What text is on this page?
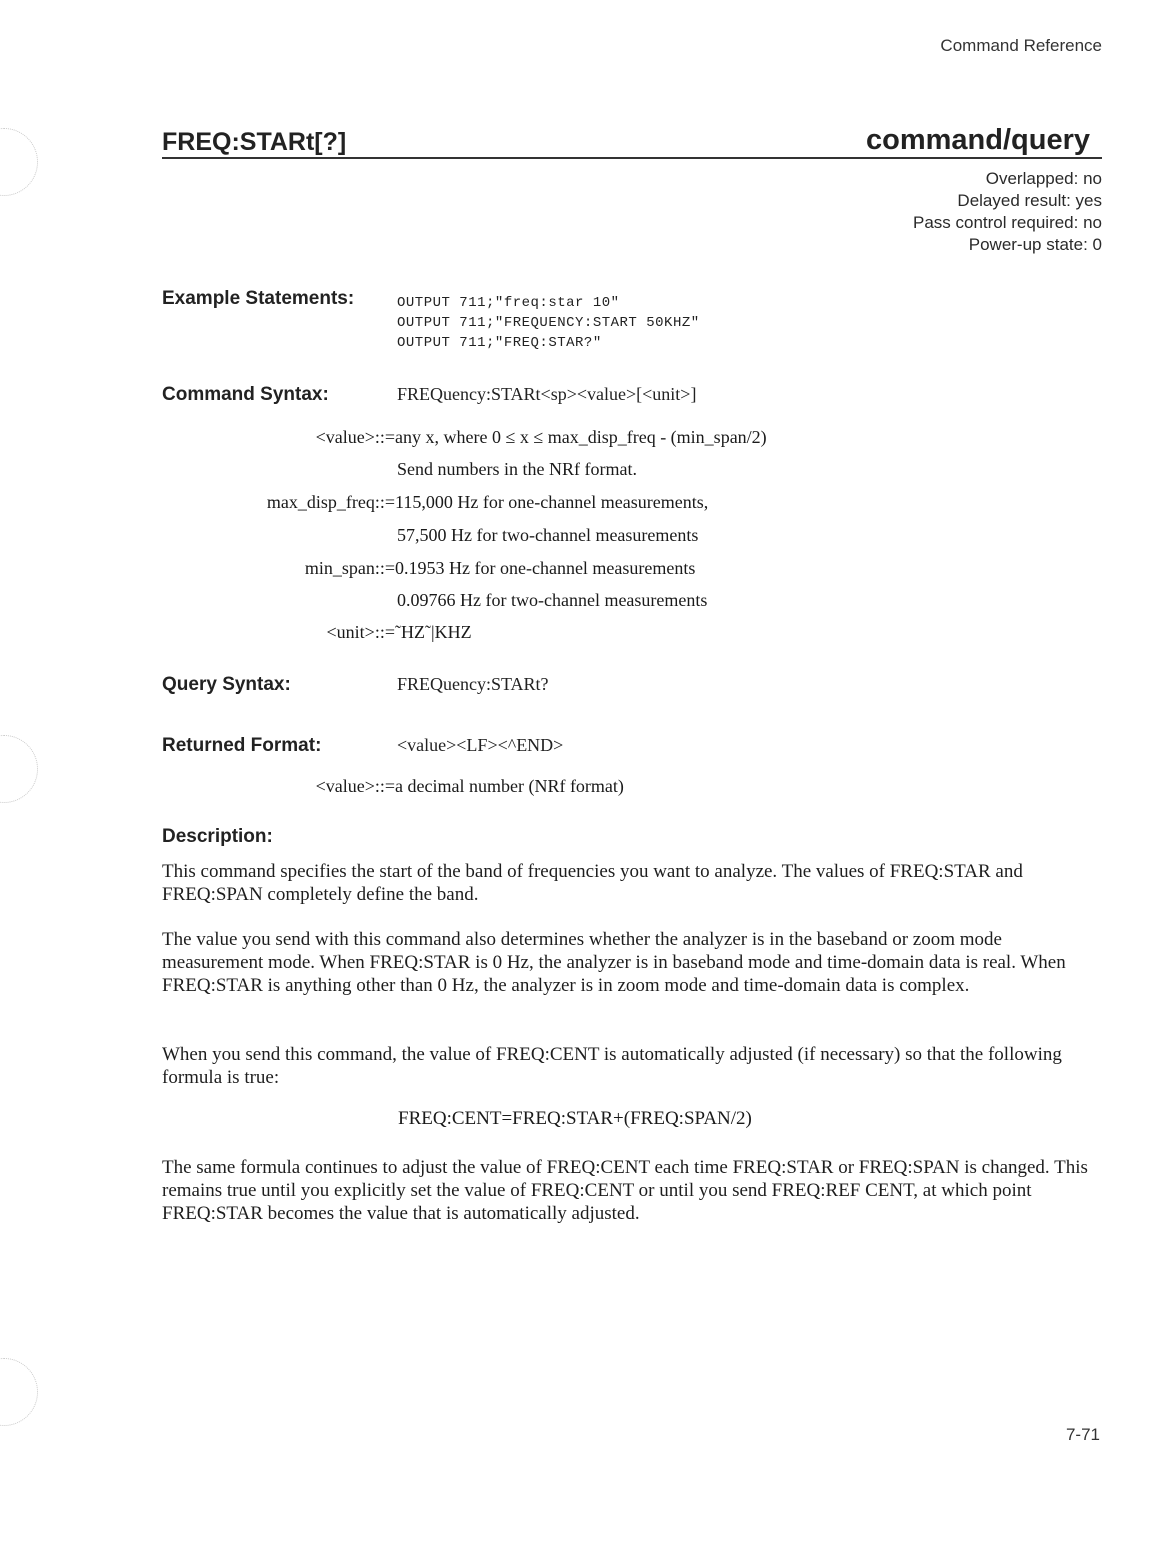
Command Reference
FREQ:STARt[?]	command/query
Overlapped: no
Delayed result: yes
Pass control required: no
Power-up state: 0
Example Statements:	OUTPUT 711;"freq:star 10"
OUTPUT 711;"FREQUENCY:START 50KHZ"
OUTPUT 711;"FREQ:STAR?"
Command Syntax:	FREQuency:STARt<sp><value>[<unit>]
<value>::= any x, where 0 ≤ x ≤ max_disp_freq - (min_span/2)
Send numbers in the NRf format.
max_disp_freq::= 115,000 Hz for one-channel measurements,
57,500 Hz for two-channel measurements
min_span::= 0.1953 Hz for one-channel measurements
0.09766 Hz for two-channel measurements
<unit>::= ˜HZ˜|KHZ
Query Syntax:	FREQuency:STARt?
Returned Format:	<value><LF><^END>
<value>::= a decimal number (NRf format)
Description:
This command specifies the start of the band of frequencies you want to analyze. The values of FREQ:STAR and FREQ:SPAN completely define the band.
The value you send with this command also determines whether the analyzer is in the baseband or zoom mode measurement mode. When FREQ:STAR is 0 Hz, the analyzer is in baseband mode and time-domain data is real. When FREQ:STAR is anything other than 0 Hz, the analyzer is in zoom mode and time-domain data is complex.
When you send this command, the value of FREQ:CENT is automatically adjusted (if necessary) so that the following formula is true:
FREQ:CENT=FREQ:STAR+(FREQ:SPAN/2)
The same formula continues to adjust the value of FREQ:CENT each time FREQ:STAR or FREQ:SPAN is changed. This remains true until you explicitly set the value of FREQ:CENT or until you send FREQ:REF CENT, at which point FREQ:STAR becomes the value that is automatically adjusted.
7-71
